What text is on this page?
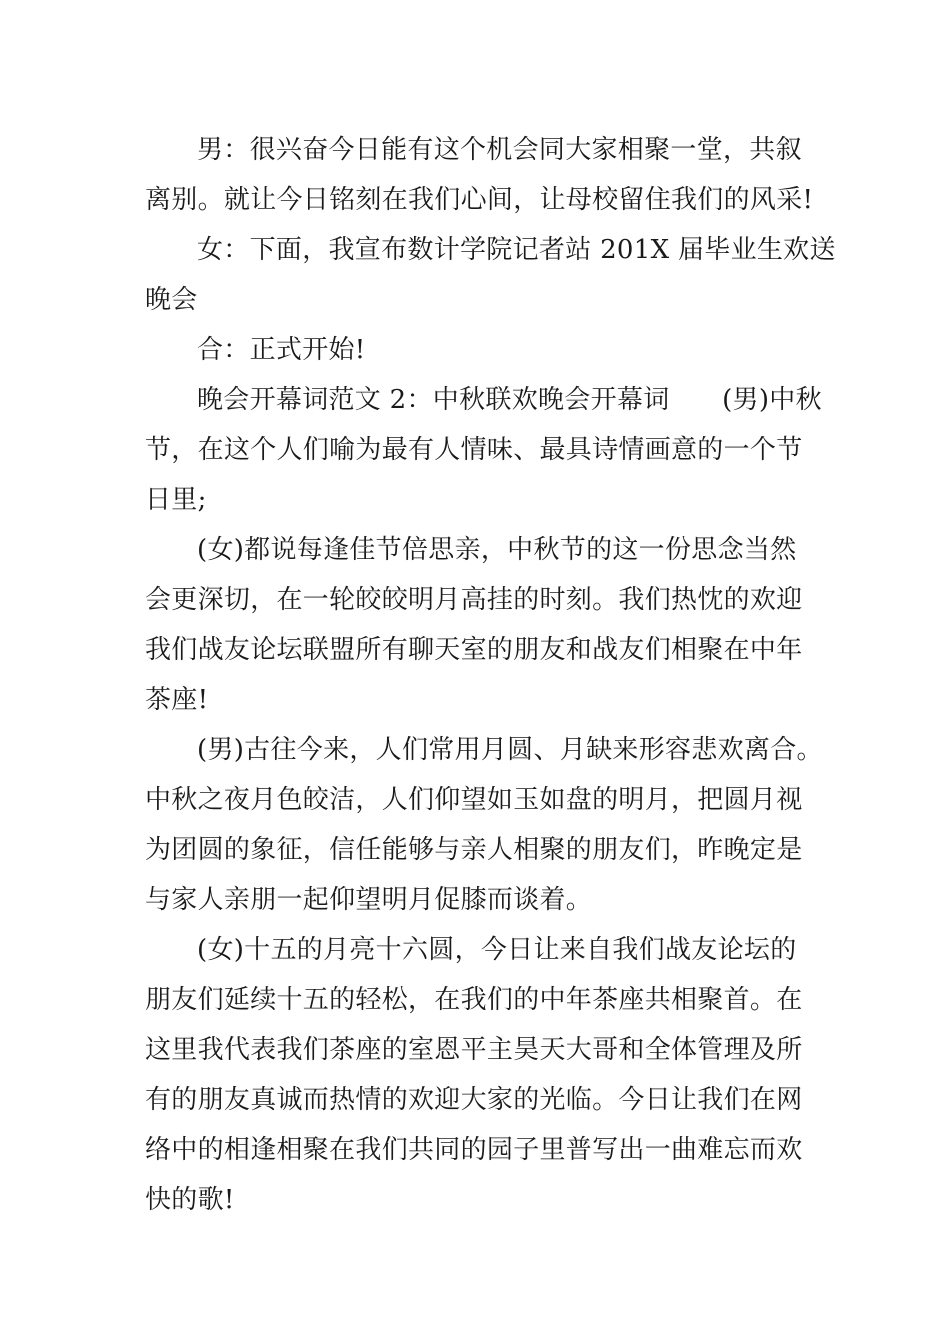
男：很兴奋今日能有这个机会同大家相聚一堂，共叙
离别。就让今日铭刻在我们心间，让母校留住我们的风采!
女：下面，我宣布数计学院记者站 201X 届毕业生欢送
晚会
合：正式开始!
晚会开幕词范文 2：中秋联欢晚会开幕词　　(男)中秋
节，在这个人们喻为最有人情味、最具诗情画意的一个节
日里;
(女)都说每逢佳节倍思亲，中秋节的这一份思念当然
会更深切，在一轮皎皎明月高挂的时刻。我们热忱的欢迎
我们战友论坛联盟所有聊天室的朋友和战友们相聚在中年
茶座!
(男)古往今来，人们常用月圆、月缺来形容悲欢离合。
中秋之夜月色皎洁，人们仰望如玉如盘的明月，把圆月视
为团圆的象征，信任能够与亲人相聚的朋友们，昨晚定是
与家人亲朋一起仰望明月促膝而谈着。
(女)十五的月亮十六圆，今日让来自我们战友论坛的
朋友们延续十五的轻松，在我们的中年茶座共相聚首。在
这里我代表我们茶座的室恩平主昊天大哥和全体管理及所
有的朋友真诚而热情的欢迎大家的光临。今日让我们在网
络中的相逢相聚在我们共同的园子里普写出一曲难忘而欢
快的歌!
